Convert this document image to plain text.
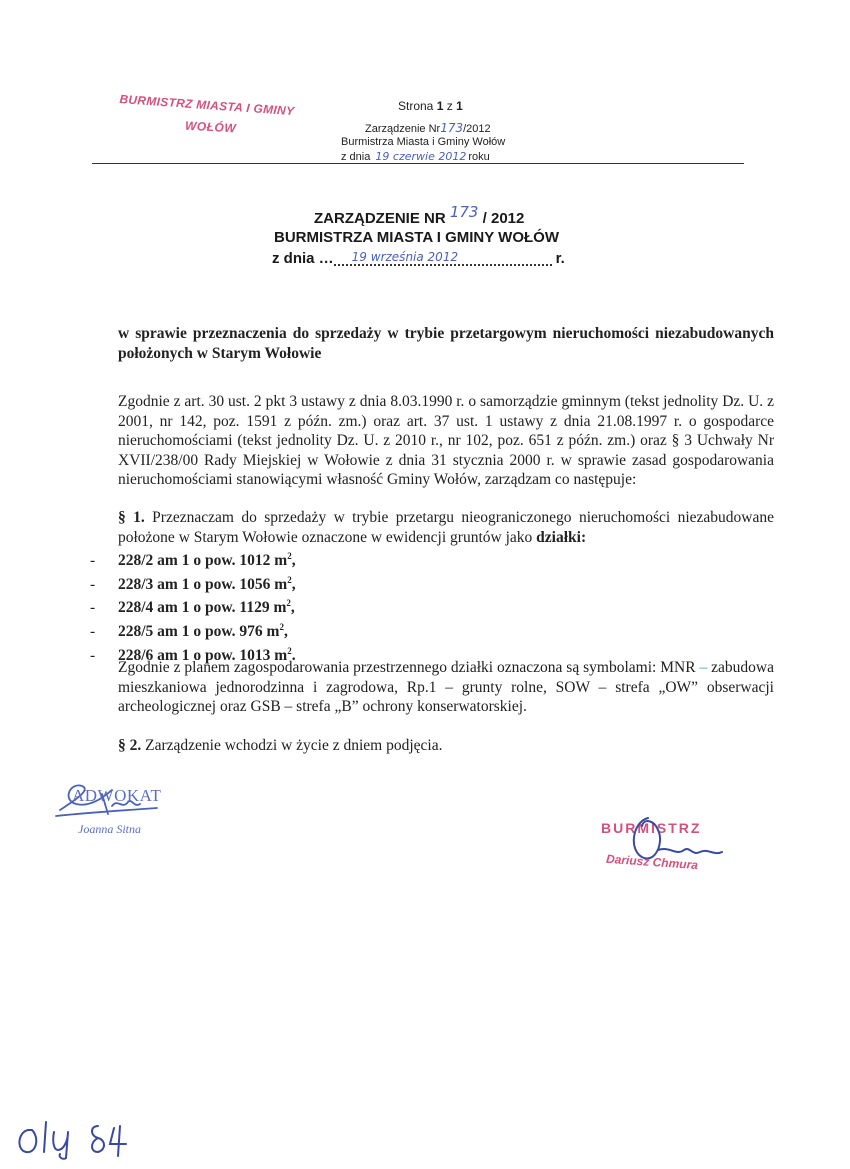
BURMISTRZ MIASTA I GMINY
WOŁÓW
Strona 1 z 1
Zarządzenie Nr173/2012
Burmistrza Miasta i Gminy Wołów
z dnia 19 czerwie 2012 roku
ZARZĄDZENIE NR 173 / 2012
BURMISTRZA MIASTA I GMINY WOŁÓW
z dnia … 19 września 2012	r.
w sprawie przeznaczenia do sprzedaży w trybie przetargowym nieruchomości niezabudowanych położonych w Starym Wołowie
Zgodnie z art. 30 ust. 2 pkt 3 ustawy z dnia 8.03.1990 r. o samorządzie gminnym (tekst jednolity Dz. U. z 2001, nr 142, poz. 1591 z późn. zm.) oraz art. 37 ust. 1 ustawy z dnia 21.08.1997 r. o gospodarce nieruchomościami (tekst jednolity Dz. U. z 2010 r., nr 102, poz. 651 z późn. zm.) oraz § 3 Uchwały Nr XVII/238/00 Rady Miejskiej w Wołowie z dnia 31 stycznia 2000 r. w sprawie zasad gospodarowania nieruchomościami stanowiącymi własność Gminy Wołów, zarządzam co następuje:
§ 1. Przeznaczam do sprzedaży w trybie przetargu nieograniczonego nieruchomości niezabudowane położone w Starym Wołowie oznaczone w ewidencji gruntów jako działki:
- 228/2 am 1 o pow. 1012 $m^2$,
- 228/3 am 1 o pow. 1056 $m^2$,
- 228/4 am 1 o pow. 1129 $m^2$,
- 228/5 am 1 o pow. 976 $m^2$,
- 228/6 am 1 o pow. 1013 $m^2$.
Zgodnie z planem zagospodarowania przestrzennego działki oznaczona są symbolami: MNR – zabudowa mieszkaniowa jednorodzinna i zagrodowa, Rp.1 – grunty rolne, SOW – strefa „OW” obserwacji archeologicznej oraz GSB – strefa „B” ochrony konserwatorskiej.
§ 2. Zarządzenie wchodzi w życie z dniem podjęcia.
ADWOKAT
Joanna Sitna	BURMISTRZ
Dariusz Chmura
